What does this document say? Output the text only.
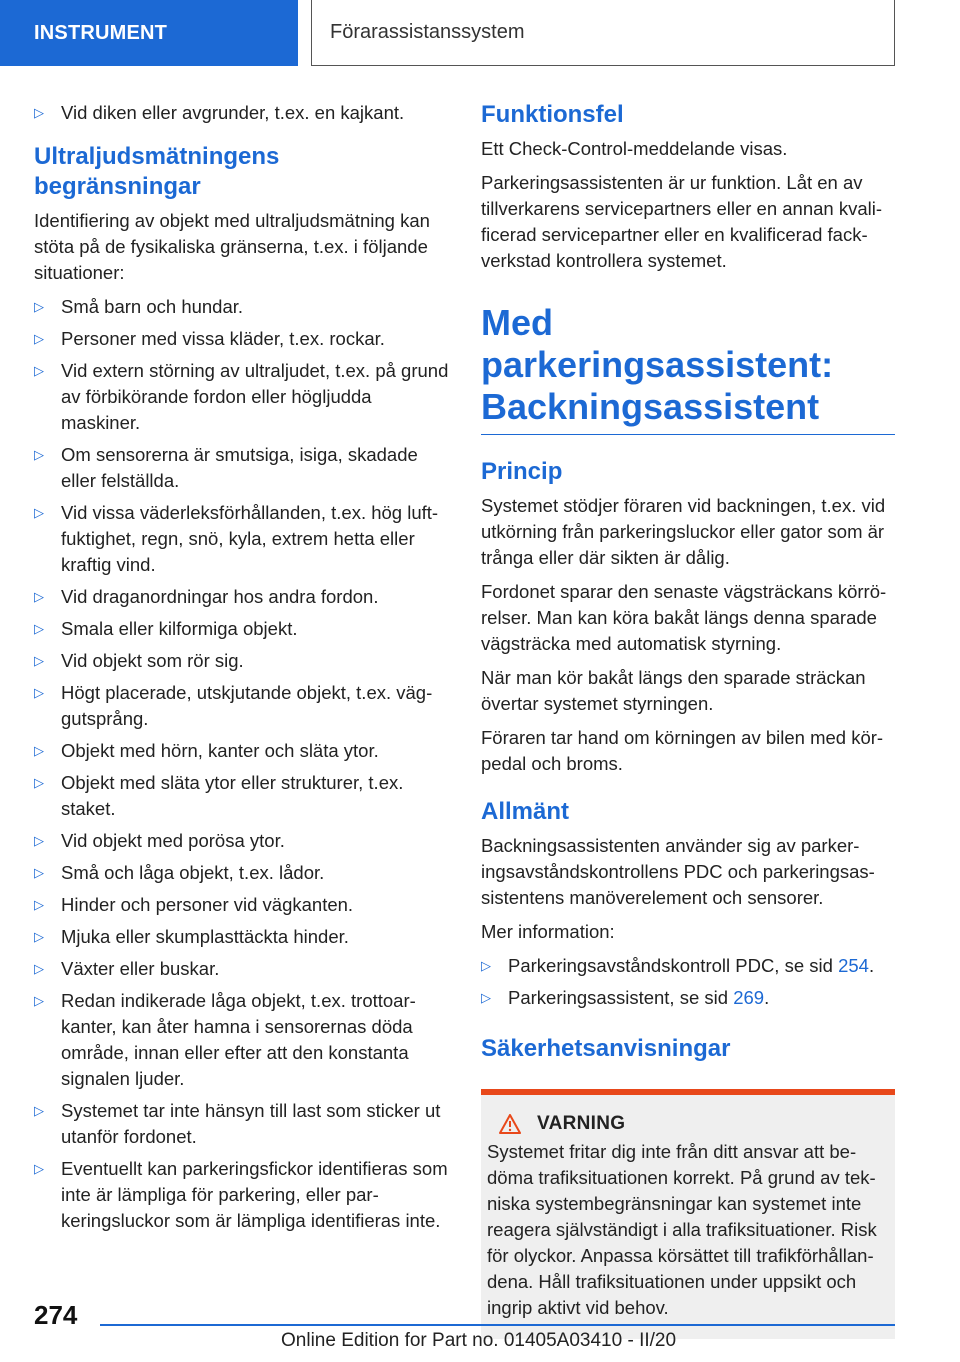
INSTRUMENT	Förarassistanssystem
▷ Vid diken eller avgrunder, t.ex. en kajkant.
Ultraljudsmätningens begränsningar

Identifiering av objekt med ultraljudsmätning kan stöta på de fysikaliska gränserna, t.ex. i följande situationer:

▷ Små barn och hundar.
▷ Personer med vissa kläder, t.ex. rockar.
▷ Vid extern störning av ultraljudet, t.ex. på grund av förbikörande fordon eller högljudda maskiner.
▷ Om sensorerna är smutsiga, isiga, skadade eller felställda.
▷ Vid vissa väderleksförhållanden, t.ex. hög luftfuktighet, regn, snö, kyla, extrem hetta eller kraftig vind.
▷ Vid draganordningar hos andra fordon.
▷ Smala eller kilformiga objekt.
▷ Vid objekt som rör sig.
▷ Högt placerade, utskjutande objekt, t.ex. väggutsprång.
▷ Objekt med hörn, kanter och släta ytor.
▷ Objekt med släta ytor eller strukturer, t.ex. staket.
▷ Vid objekt med porösa ytor.
▷ Små och låga objekt, t.ex. lådor.
▷ Hinder och personer vid vägkanten.
▷ Mjuka eller skumplasttäckta hinder.
▷ Växter eller buskar.
▷ Redan indikerade låga objekt, t.ex. trottoarkanter, kan åter hamna i sensorernas döda område, innan eller efter att den konstanta signalen ljuder.
▷ Systemet tar inte hänsyn till last som sticker ut utanför fordonet.
▷ Eventuellt kan parkeringsfickor identifieras som inte är lämpliga för parkering, eller parkeringsluckor som är lämpliga identifieras inte.
Funktionsfel

Ett Check-Control-meddelande visas.

Parkeringsassistenten är ur funktion. Låt en av tillverkarens servicepartners eller en annan kvalificerad servicepartner eller en kvalificerad fackverkstad kontrollera systemet.

Med parkeringsassistent: Backningsassistent
Princip

Systemet stödjer föraren vid backningen, t.ex. vid utkörning från parkeringsluckor eller gator som är trånga eller där sikten är dålig.

Fordonet sparar den senaste vägsträckans körrörelser. Man kan köra bakåt längs denna sparade vägsträcka med automatisk styrning.

När man kör bakåt längs den sparade sträckan övertar systemet styrningen.

Föraren tar hand om körningen av bilen med körpedal och broms.

Allmänt

Backningsassistenten använder sig av parkeringsavståndskontrollens PDC och parkeringsassistentens manöverelement och sensorer.

Mer information:

▷ Parkeringsavståndskontroll PDC, se sid 254.
▷ Parkeringsassistent, se sid 269.
Säkerhetsanvisningar
VARNING

Systemet fritar dig inte från ditt ansvar att bedöma trafiksituationen korrekt. På grund av tekniska systembegränsningar kan systemet inte reagera självständigt i alla trafiksituationer. Risk för olyckor. Anpassa körsättet till trafikförhållandena. Håll trafiksituationen under uppsikt och ingrip aktivt vid behov.

274
Online Edition for Part no. 01405A03410 - II/20
